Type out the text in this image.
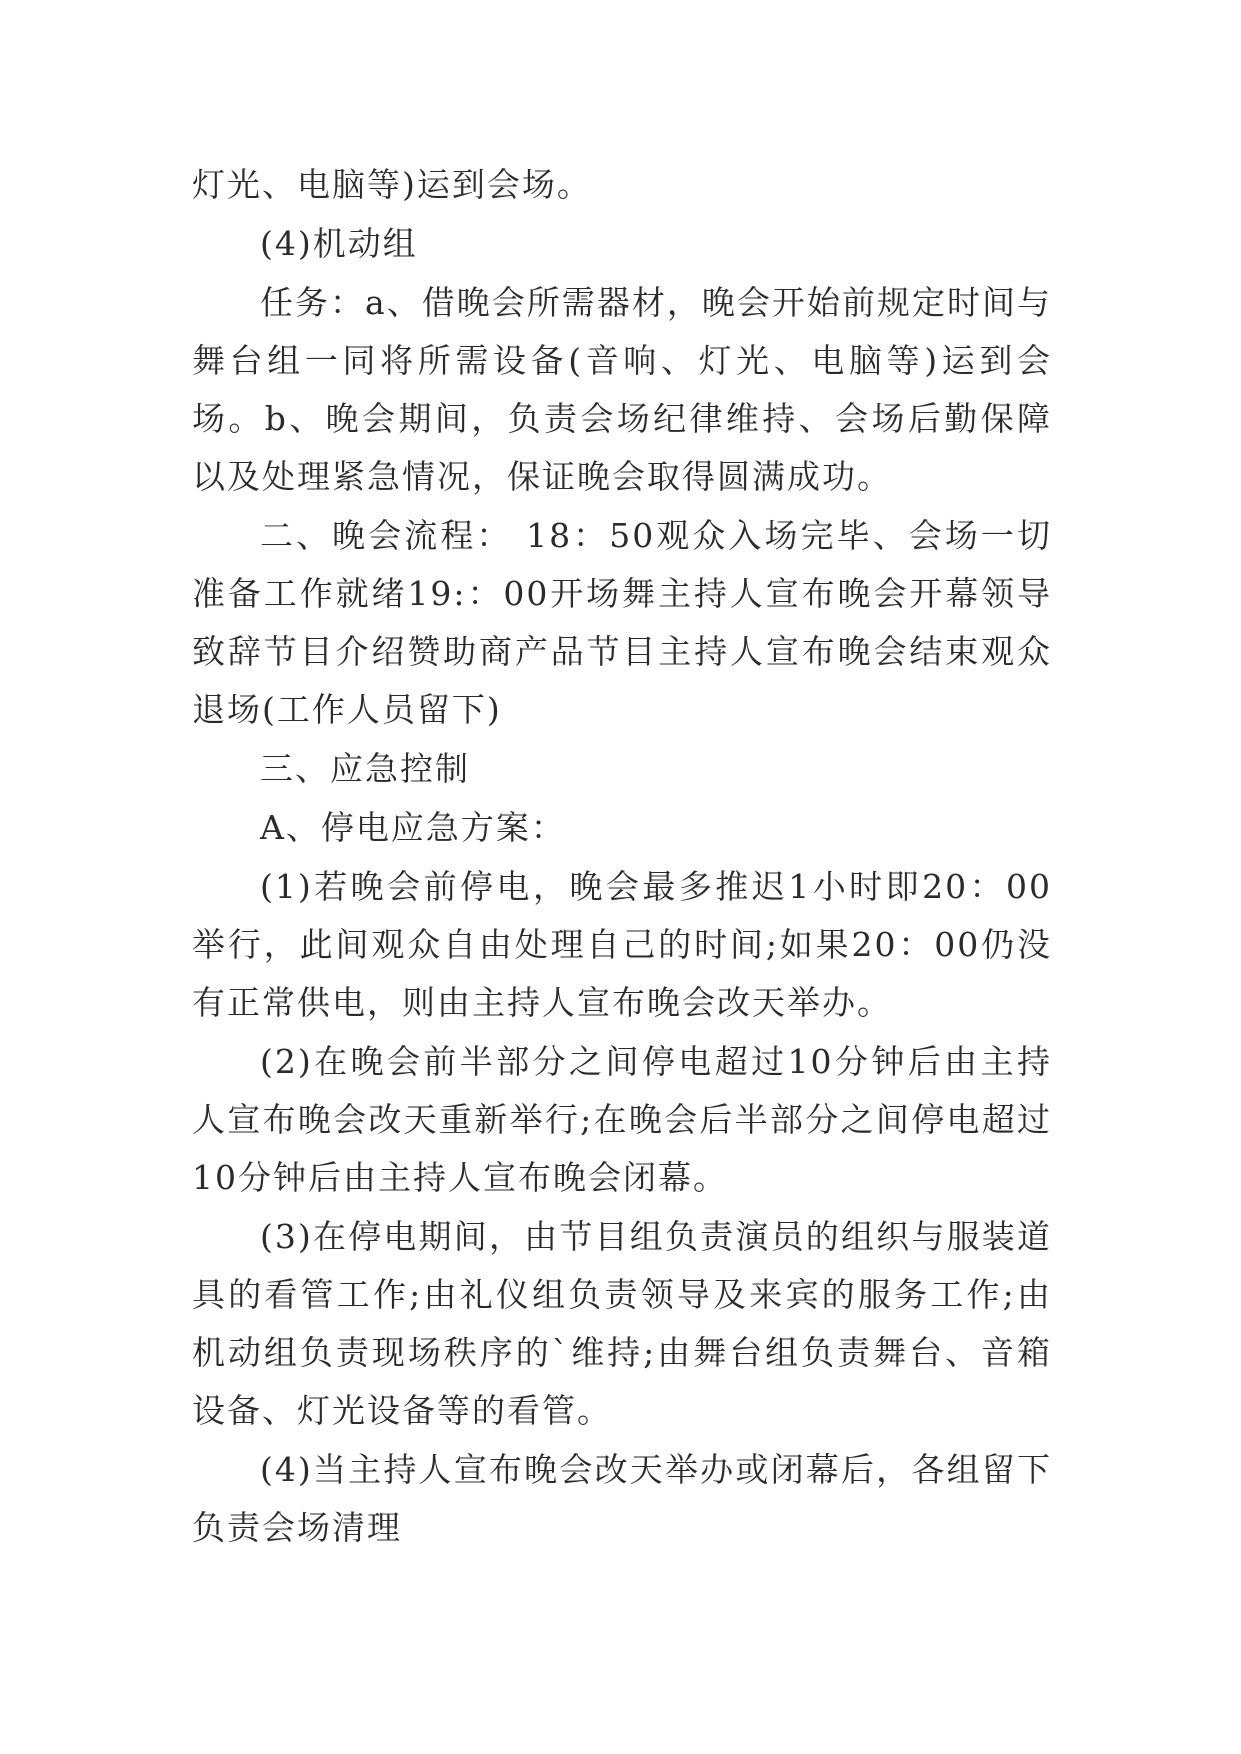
灯光、电脑等)运到会场。

(4)机动组

任务：a、借晚会所需器材，晚会开始前规定时间与舞台组一同将所需设备(音响、灯光、电脑等)运到会场。b、晚会期间，负责会场纪律维持、会场后勤保障以及处理紧急情况，保证晚会取得圆满成功。

二、晚会流程： 18：50观众入场完毕、会场一切准备工作就绪19:：00开场舞主持人宣布晚会开幕领导致辞节目介绍赞助商产品节目主持人宣布晚会结束观众退场(工作人员留下)

三、应急控制

A、停电应急方案：

(1)若晚会前停电，晚会最多推迟1小时即20：00举行，此间观众自由处理自己的时间;如果20：00仍没有正常供电，则由主持人宣布晚会改天举办。

(2)在晚会前半部分之间停电超过10分钟后由主持人宣布晚会改天重新举行;在晚会后半部分之间停电超过10分钟后由主持人宣布晚会闭幕。

(3)在停电期间，由节目组负责演员的组织与服装道具的看管工作;由礼仪组负责领导及来宾的服务工作;由机动组负责现场秩序的`维持;由舞台组负责舞台、音箱设备、灯光设备等的看管。

(4)当主持人宣布晚会改天举办或闭幕后，各组留下负责会场清理
